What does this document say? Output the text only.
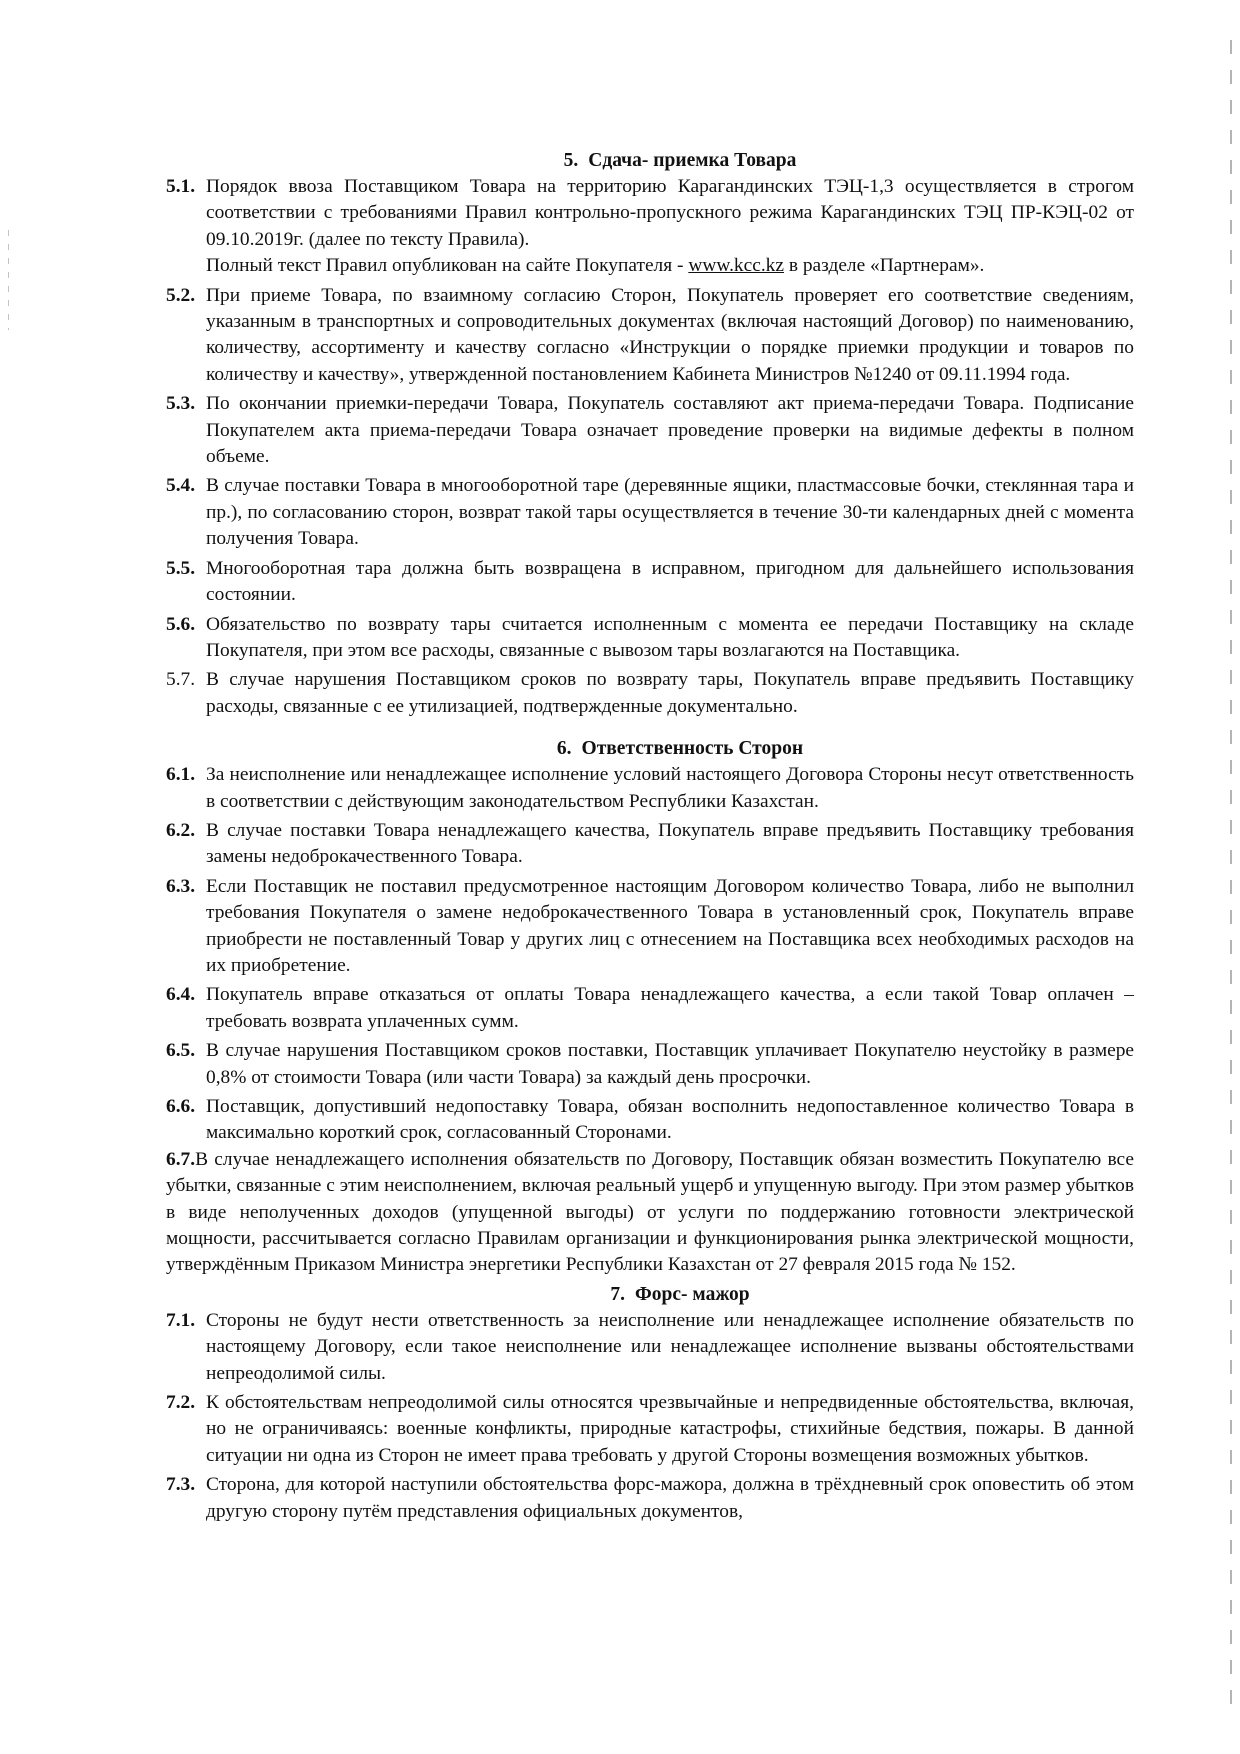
5. Сдача- приемка Товара
5.1. Порядок ввоза Поставщиком Товара на территорию Карагандинских ТЭЦ-1,3 осуществляется в строгом соответствии с требованиями Правил контрольно-пропускного режима Карагандинских ТЭЦ ПР-КЭЦ-02 от 09.10.2019г. (далее по тексту Правила).

Полный текст Правил опубликован на сайте Покупателя - www.kcc.kz в разделе «Партнерам».

5.2. При приеме Товара, по взаимному согласию Сторон, Покупатель проверяет его соответствие сведениям, указанным в транспортных и сопроводительных документах (включая настоящий Договор) по наименованию, количеству, ассортименту и качеству согласно «Инструкции о порядке приемки продукции и товаров по количеству и качеству», утвержденной постановлением Кабинета Министров №1240 от 09.11.1994 года.

5.3. По окончании приемки-передачи Товара, Покупатель составляют акт приема-передачи Товара. Подписание Покупателем акта приема-передачи Товара означает проведение проверки на видимые дефекты в полном объеме.

5.4. В случае поставки Товара в многооборотной таре (деревянные ящики, пластмассовые бочки, стеклянная тара и пр.), по согласованию сторон, возврат такой тары осуществляется в течение 30-ти календарных дней с момента получения Товара.

5.5. Многооборотная тара должна быть возвращена в исправном, пригодном для дальнейшего использования состоянии.

5.6. Обязательство по возврату тары считается исполненным с момента ее передачи Поставщику на складе Покупателя, при этом все расходы, связанные с вывозом тары возлагаются на Поставщика.

5.7. В случае нарушения Поставщиком сроков по возврату тары, Покупатель вправе предъявить Поставщику расходы, связанные с ее утилизацией, подтвержденные документально.

6. Ответственность Сторон
6.1. За неисполнение или ненадлежащее исполнение условий настоящего Договора Стороны несут ответственность в соответствии с действующим законодательством Республики Казахстан.

6.2. В случае поставки Товара ненадлежащего качества, Покупатель вправе предъявить Поставщику требования замены недоброкачественного Товара.

6.3. Если Поставщик не поставил предусмотренное настоящим Договором количество Товара, либо не выполнил требования Покупателя о замене недоброкачественного Товара в установленный срок, Покупатель вправе приобрести не поставленный Товар у других лиц с отнесением на Поставщика всех необходимых расходов на их приобретение.

6.4. Покупатель вправе отказаться от оплаты Товара ненадлежащего качества, а если такой Товар оплачен – требовать возврата уплаченных сумм.

6.5. В случае нарушения Поставщиком сроков поставки, Поставщик уплачивает Покупателю неустойку в размере 0,8% от стоимости Товара (или части Товара) за каждый день просрочки.

6.6. Поставщик, допустивший недопоставку Товара, обязан восполнить недопоставленное количество Товара в максимально короткий срок, согласованный Сторонами.

6.7.В случае ненадлежащего исполнения обязательств по Договору, Поставщик обязан возместить Покупателю все убытки, связанные с этим неисполнением, включая реальный ущерб и упущенную выгоду. При этом размер убытков в виде неполученных доходов (упущенной выгоды) от услуги по поддержанию готовности электрической мощности, рассчитывается согласно Правилам организации и функционирования рынка электрической мощности, утверждённым Приказом Министра энергетики Республики Казахстан от 27 февраля 2015 года № 152.

7. Форс- мажор
7.1. Стороны не будут нести ответственность за неисполнение или ненадлежащее исполнение обязательств по настоящему Договору, если такое неисполнение или ненадлежащее исполнение вызваны обстоятельствами непреодолимой силы.

7.2. К обстоятельствам непреодолимой силы относятся чрезвычайные и непредвиденные обстоятельства, включая, но не ограничиваясь: военные конфликты, природные катастрофы, стихийные бедствия, пожары. В данной ситуации ни одна из Сторон не имеет права требовать у другой Стороны возмещения возможных убытков.

7.3. Сторона, для которой наступили обстоятельства форс-мажора, должна в трёхдневный срок оповестить об этом другую сторону путём представления официальных документов,
